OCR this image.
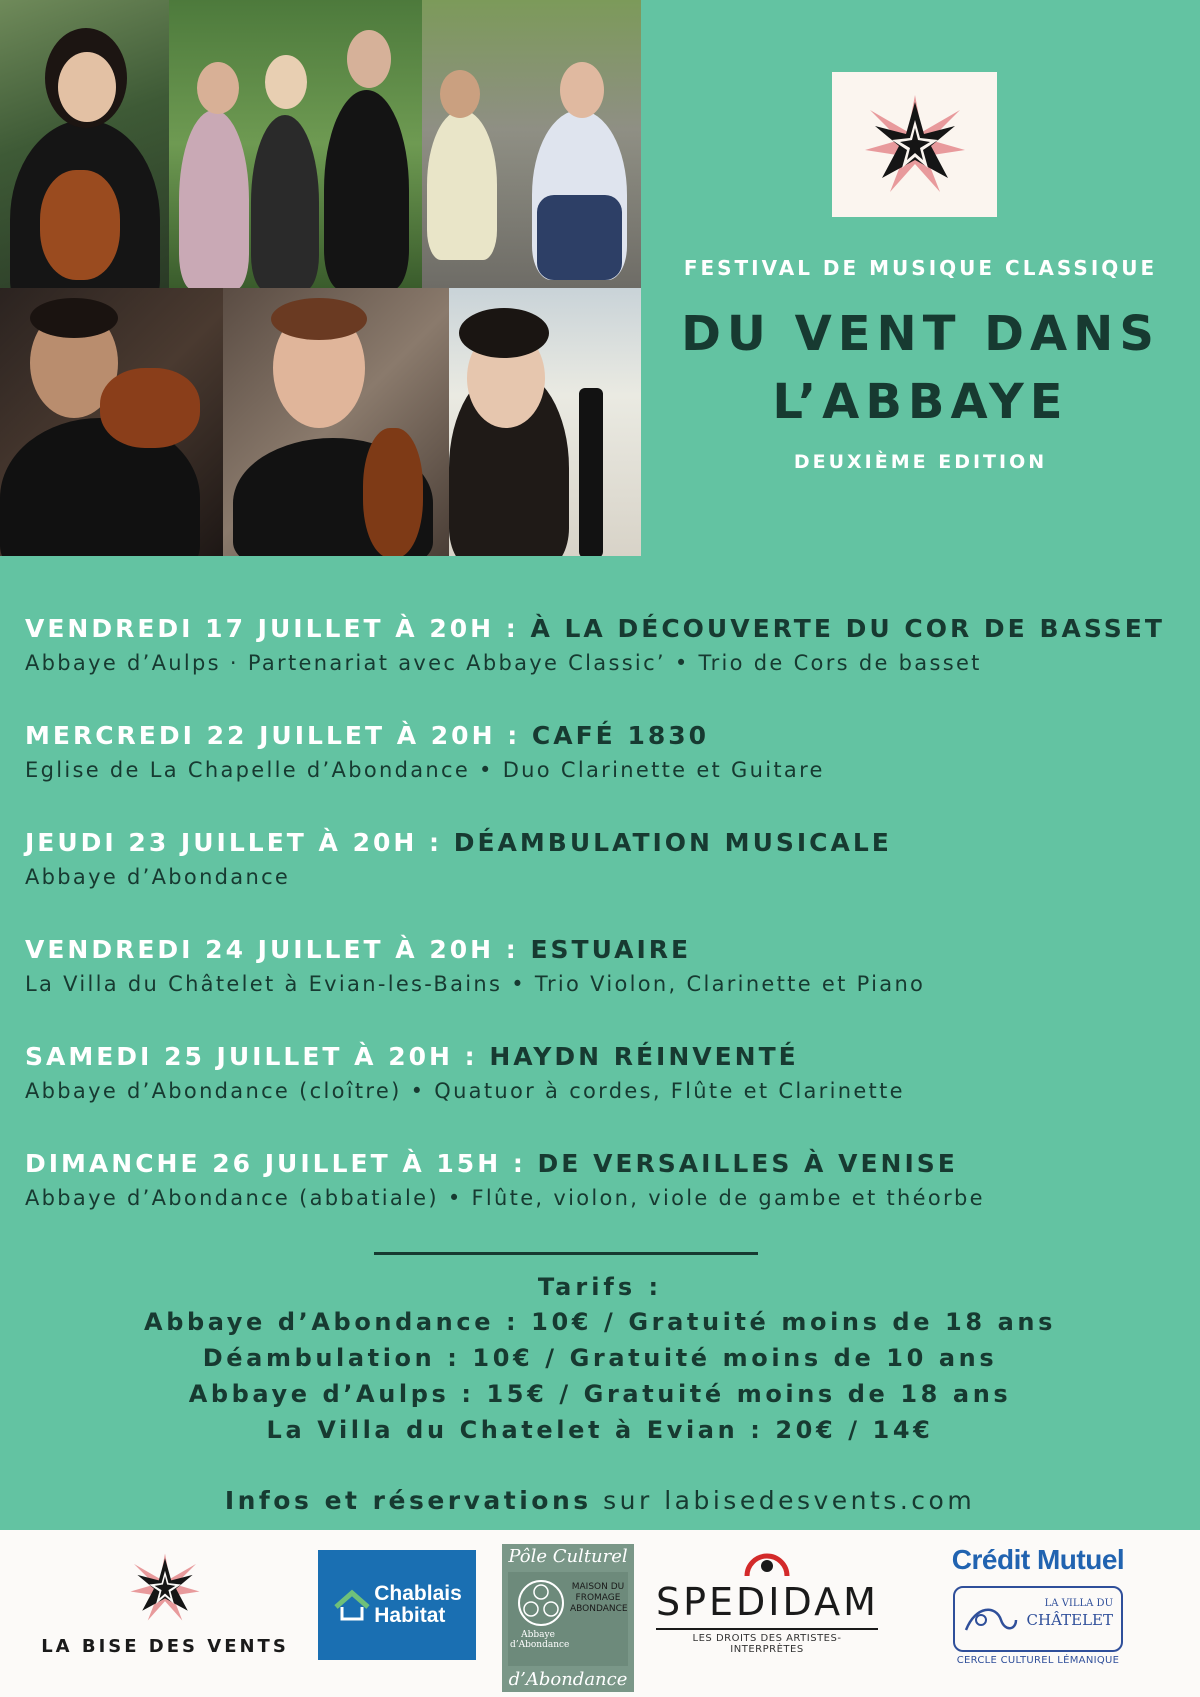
FESTIVAL DE MUSIQUE CLASSIQUE
DU VENT DANS
L’ABBAYE
DEUXIÈME EDITION
VENDREDI 17 JUILLET À 20H : À LA DÉCOUVERTE DU COR DE BASSET
Abbaye d’Aulps · Partenariat avec Abbaye Classic’ • Trio de Cors de basset
MERCREDI 22 JUILLET À 20H : CAFÉ 1830
Eglise de La Chapelle d’Abondance • Duo Clarinette et Guitare
JEUDI 23 JUILLET À 20H : DÉAMBULATION MUSICALE
Abbaye d’Abondance
VENDREDI 24 JUILLET À 20H : ESTUAIRE
La Villa du Châtelet à Evian-les-Bains • Trio Violon, Clarinette et Piano
SAMEDI 25 JUILLET À 20H : HAYDN RÉINVENTÉ
Abbaye d’Abondance (cloître) • Quatuor à cordes, Flûte et Clarinette
DIMANCHE 26 JUILLET À 15H : DE VERSAILLES À VENISE
Abbaye d’Abondance (abbatiale) • Flûte, violon, viole de gambe et théorbe
Tarifs :
Abbaye d’Abondance : 10€ / Gratuité moins de 18 ans
Déambulation : 10€ / Gratuité moins de 10 ans
Abbaye d’Aulps : 15€ / Gratuité moins de 18 ans
La Villa du Chatelet à Evian : 20€ / 14€
Infos et réservations sur labisedesvents.com
LA BISE DES VENTS
Chablais
Habitat
Pôle Culturel
Abbaye d’Abondance
MAISON DU FROMAGE ABONDANCE
d’Abondance
SPEDIDAM
LES DROITS DES ARTISTES-INTERPRÈTES
Crédit Mutuel
LA VILLA DU
CHÂTELET
CERCLE CULTUREL LÉMANIQUE
